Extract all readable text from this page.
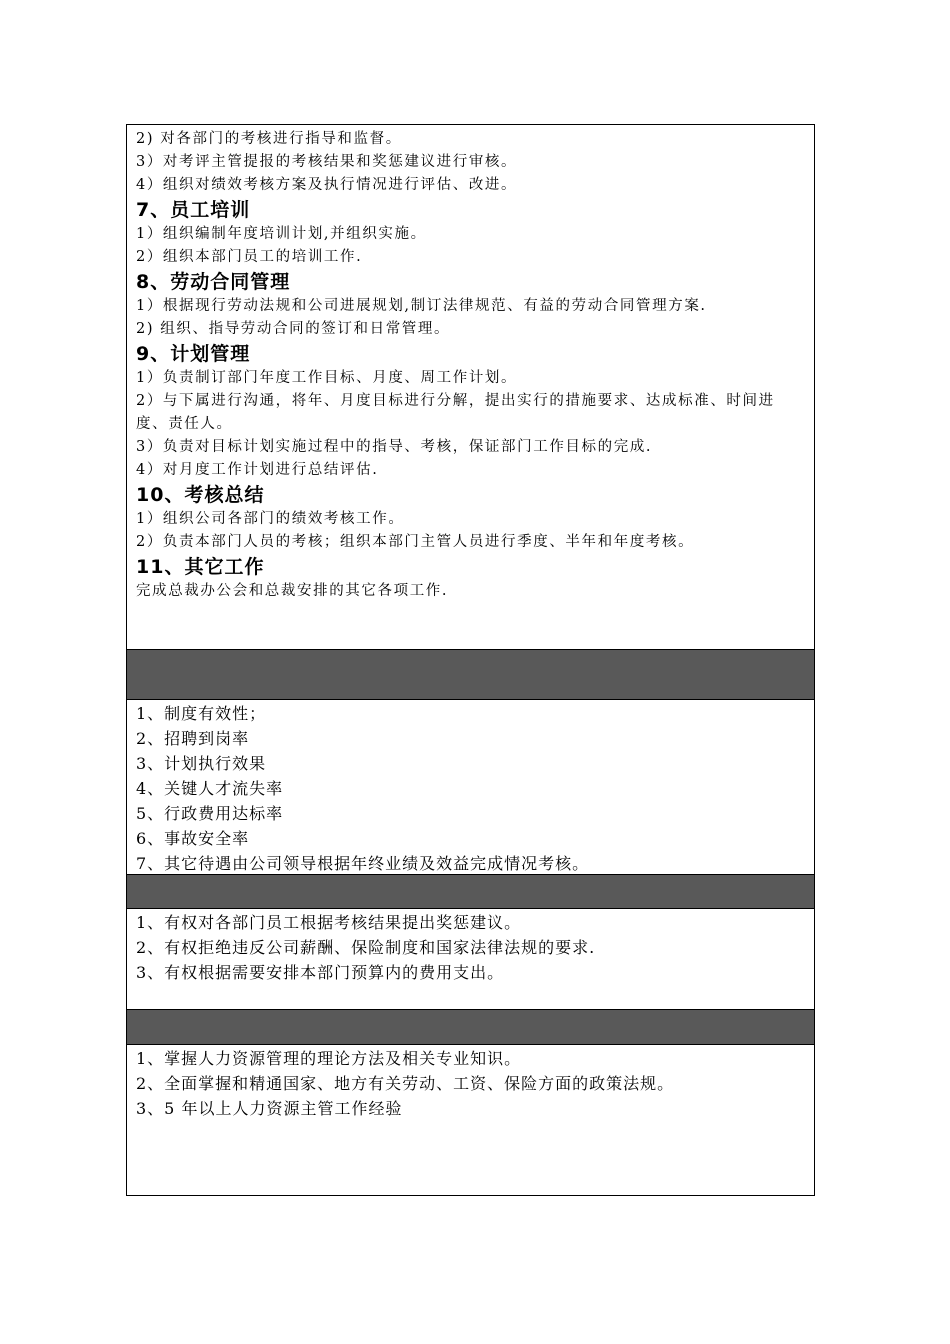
2) 对各部门的考核进行指导和监督。
3）对考评主管提报的考核结果和奖惩建议进行审核。
4）组织对绩效考核方案及执行情况进行评估、改进。
7、员工培训
1）组织编制年度培训计划,并组织实施。
2）组织本部门员工的培训工作.
8、劳动合同管理
1）根据现行劳动法规和公司进展规划,制订法律规范、有益的劳动合同管理方案.
2) 组织、指导劳动合同的签订和日常管理。
9、计划管理
1）负责制订部门年度工作目标、月度、周工作计划。
2）与下属进行沟通，将年、月度目标进行分解，提出实行的措施要求、达成标准、时间进度、责任人。
3）负责对目标计划实施过程中的指导、考核，保证部门工作目标的完成.
4）对月度工作计划进行总结评估.
10、考核总结
1）组织公司各部门的绩效考核工作。
2）负责本部门人员的考核；组织本部门主管人员进行季度、半年和年度考核。
11、其它工作
完成总裁办公会和总裁安排的其它各项工作.
1、制度有效性；
2、招聘到岗率
3、计划执行效果
4、关键人才流失率
5、行政费用达标率
6、事故安全率
7、其它待遇由公司领导根据年终业绩及效益完成情况考核。
1、有权对各部门员工根据考核结果提出奖惩建议。
2、有权拒绝违反公司薪酬、保险制度和国家法律法规的要求.
3、有权根据需要安排本部门预算内的费用支出。
1、掌握人力资源管理的理论方法及相关专业知识。
2、全面掌握和精通国家、地方有关劳动、工资、保险方面的政策法规。
3、5 年以上人力资源主管工作经验
